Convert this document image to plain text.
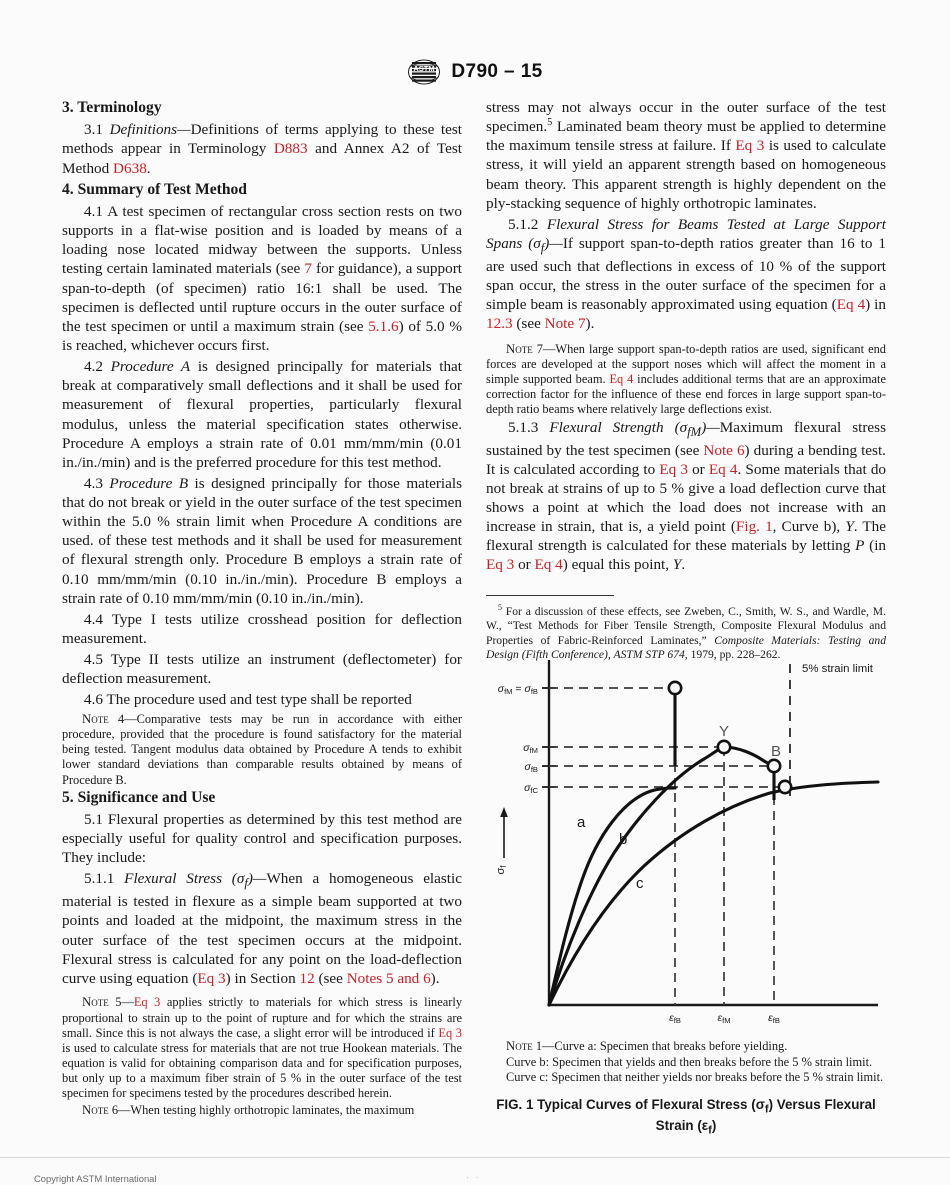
ASTM D790 – 15
3. Terminology

3.1 Definitions—Definitions of terms applying to these test methods appear in Terminology D883 and Annex A2 of Test Method D638.

4. Summary of Test Method

4.1 A test specimen of rectangular cross section rests on two supports in a flat-wise position and is loaded by means of a loading nose located midway between the supports. Unless testing certain laminated materials (see 7 for guidance), a support span-to-depth (of specimen) ratio 16:1 shall be used. The specimen is deflected until rupture occurs in the outer surface of the test specimen or until a maximum strain (see 5.1.6) of 5.0 % is reached, whichever occurs first.

4.2 Procedure A is designed principally for materials that break at comparatively small deflections and it shall be used for measurement of flexural properties, particularly flexural modulus, unless the material specification states otherwise. Procedure A employs a strain rate of 0.01 mm/mm/min (0.01 in./in./min) and is the preferred procedure for this test method.

4.3 Procedure B is designed principally for those materials that do not break or yield in the outer surface of the test specimen within the 5.0 % strain limit when Procedure A conditions are used. of these test methods and it shall be used for measurement of flexural strength only. Procedure B employs a strain rate of 0.10 mm/mm/min (0.10 in./in./min). Procedure B employs a strain rate of 0.10 mm/mm/min (0.10 in./in./min).

4.4 Type I tests utilize crosshead position for deflection measurement.

4.5 Type II tests utilize an instrument (deflectometer) for deflection measurement.

4.6 The procedure used and test type shall be reported

Note 4—Comparative tests may be run in accordance with either procedure, provided that the procedure is found satisfactory for the material being tested. Tangent modulus data obtained by Procedure A tends to exhibit lower standard deviations than comparable results obtained by means of Procedure B.

5. Significance and Use

5.1 Flexural properties as determined by this test method are especially useful for quality control and specification purposes. They include:

5.1.1 Flexural Stress $(\sigma_f)—When$ a homogeneous elastic material is tested in flexure as a simple beam supported at two points and loaded at the midpoint, the maximum stress in the outer surface of the test specimen occurs at the midpoint. Flexural stress is calculated for any point on the load-deflection curve using equation (Eq 3) in Section 12 (see Notes 5 and 6).

Note 5—Eq 3 applies strictly to materials for which stress is linearly proportional to strain up to the point of rupture and for which the strains are small. Since this is not always the case, a slight error will be introduced if Eq 3 is used to calculate stress for materials that are not true Hookean materials. The equation is valid for obtaining comparison data and for specification purposes, but only up to a maximum fiber strain of 5 % in the outer surface of the test specimen for specimens tested by the procedures described herein.

Note 6—When testing highly orthotropic laminates, the maximum

stress may not always occur in the outer surface of the test specimen.$^5$ Laminated beam theory must be applied to determine the maximum tensile stress at failure. If Eq 3 is used to calculate stress, it will yield an apparent strength based on homogeneous beam theory. This apparent strength is highly dependent on the ply-stacking sequence of highly orthotropic laminates.

5.1.2 Flexural Stress for Beams Tested at Large Support Spans $(\sigma_f)—If$ support span-to-depth ratios greater than 16 to 1 are used such that deflections in excess of 10 % of the support span occur, the stress in the outer surface of the specimen for a simple beam is reasonably approximated using equation (Eq 4) in 12.3 (see Note 7).

Note 7—When large support span-to-depth ratios are used, significant end forces are developed at the support noses which will affect the moment in a simple supported beam. Eq 4 includes additional terms that are an approximate correction factor for the influence of these end forces in large support span-to-depth ratio beams where relatively large deflections exist.

5.1.3 Flexural Strength $(\sigma_{fM})—Maximum$ flexural stress sustained by the test specimen (see Note 6) during a bending test. It is calculated according to Eq 3 or Eq 4. Some materials that do not break at strains of up to 5 % give a load deflection curve that shows a point at which the load does not increase with an increase in strain, that is, a yield point (Fig. 1, Curve b), Y. The flexural strength is calculated for these materials by letting P (in Eq 3 or Eq 4) equal this point, Y.

$^5$ For a discussion of these effects, see Zweben, C., Smith, W. S., and Wardle, M. W., “Test Methods for Fiber Tensile Strength, Composite Flexural Modulus and Properties of Fabric-Reinforced Laminates,” Composite Materials: Testing and Design (Fifth Conference), ASTM STP 674, 1979, pp. 228–262.

σfM = σfB
σfM
σfB
σfC
εfB	εfM	εfB
a
b
c
Y
B
5% strain limit
σf

Note 1—Curve a: Specimen that breaks before yielding.

Curve b: Specimen that yields and then breaks before the 5 % strain limit.

Curve c: Specimen that neither yields nor breaks before the 5 % strain limit.

FIG. 1 Typical Curves of Flexural Stress $(\sigma_f)$ Versus Flexural
Strain $(\varepsilon_f)$
Copyright ASTM International	· ·
